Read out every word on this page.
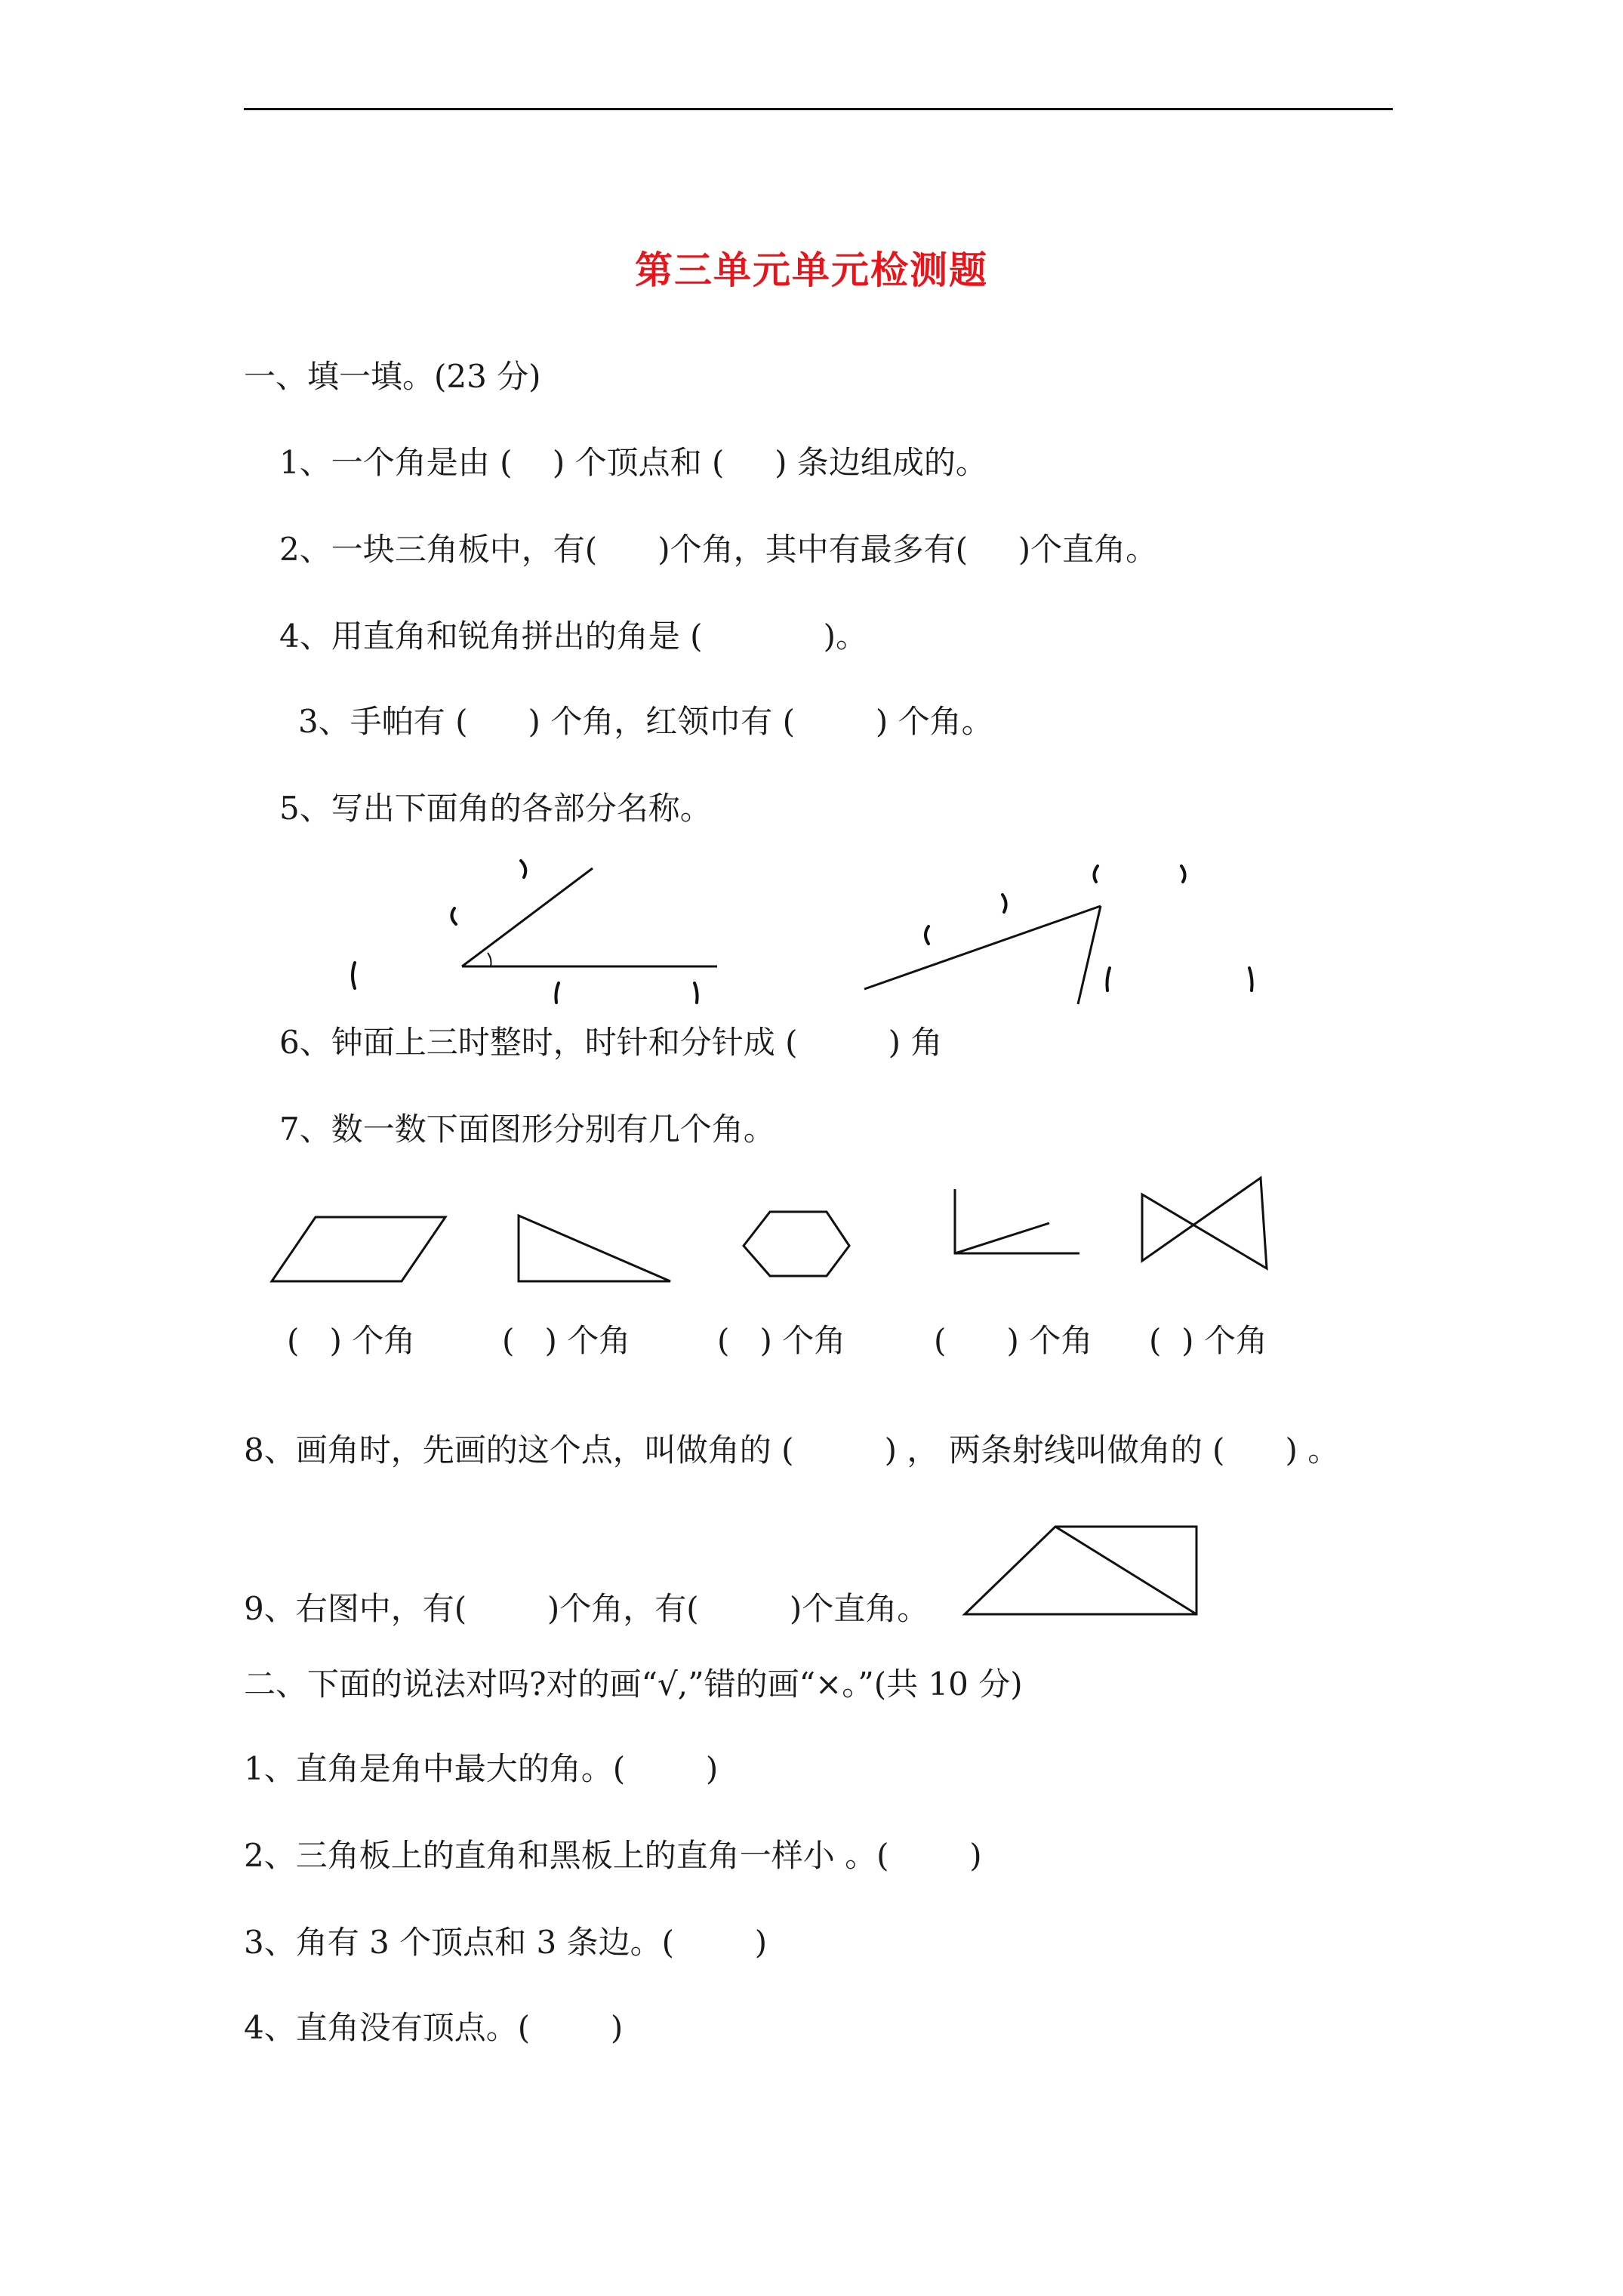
第三单元单元检测题
一、填一填。(23 分)
1、一个角是由 (    ) 个顶点和 (     ) 条边组成的。
2、一块三角板中，有(      )个角，其中有最多有(     )个直角。
4、用直角和锐角拼出的角是 (            )。
3、手帕有 (      ) 个角，红领巾有 (        ) 个角。
5、写出下面角的各部分名称。
6、钟面上三时整时，时针和分针成 (         ) 角
7、数一数下面图形分别有几个角。
(   ) 个角	(   ) 个角	(   ) 个角	(      ) 个角 (  ) 个角
8、画角时，先画的这个点，叫做角的 (         ) ， 两条射线叫做角的 (      ) 。
9、右图中，有(        )个角，有(         )个直角。
二、下面的说法对吗?对的画“√,”错的画“×。”(共 10 分)
1、直角是角中最大的角。(        )
2、三角板上的直角和黑板上的直角一样小 。(        )
3、角有 3 个顶点和 3 条边。(        )
4、直角没有顶点。(        )
